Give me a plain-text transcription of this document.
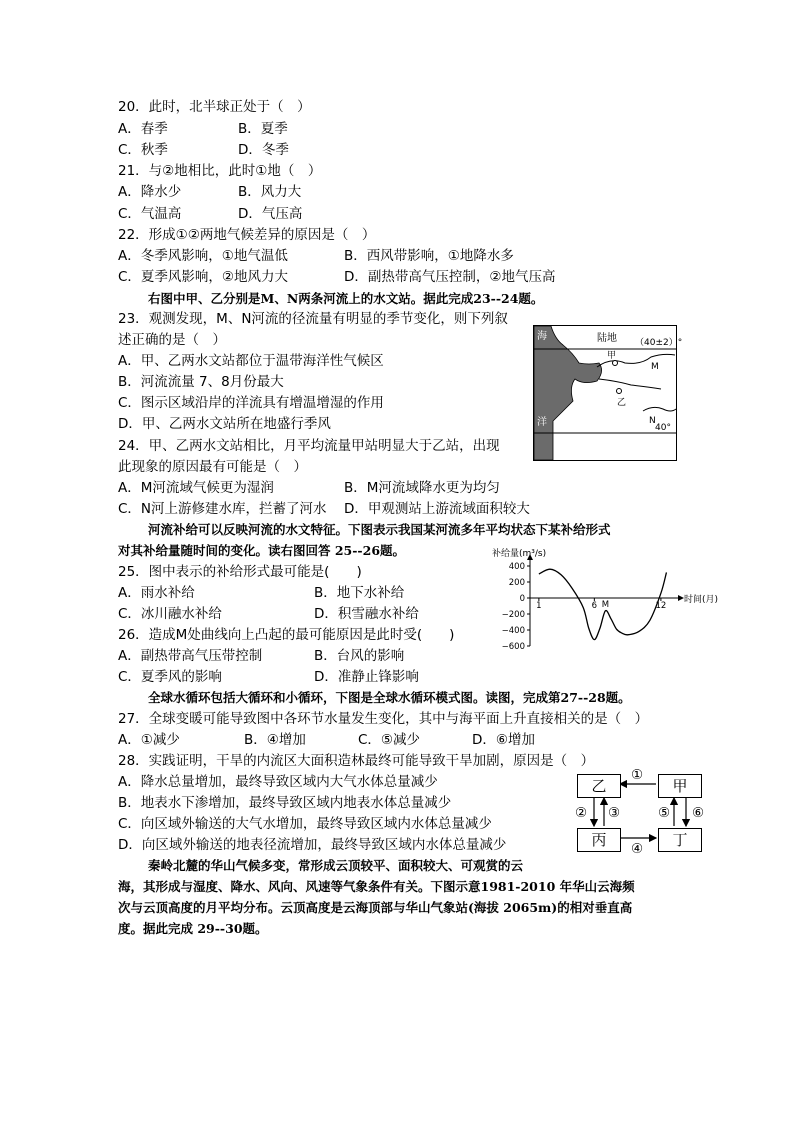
20．此时，北半球正处于（　）
A．春季	B．夏季
C．秋季	D．冬季
21．与②地相比，此时①地（　）
A．降水少	B．风力大
C．气温高	D．气压高
22．形成①②两地气候差异的原因是（　）
A．冬季风影响，①地气温低	B．西风带影响，①地降水多
C．夏季风影响，②地风力大	D．副热带高气压控制，②地气压高
右图中甲、乙分别是M、N两条河流上的水文站。据此完成23--24题。
23．观测发现，M、N河流的径流量有明显的季节变化，则下列叙
述正确的是（　）
A．甲、乙两水文站都位于温带海洋性气候区
B．河流流量 7、8月份最大
C．图示区域沿岸的洋流具有增温增湿的作用
D．甲、乙两水文站所在地盛行季风
24．甲、乙两水文站相比，月平均流量甲站明显大于乙站，出现
此现象的原因最有可能是（　）
A．M河流域气候更为湿润	B．M河流域降水更为均匀
C．N河上游修建水库，拦蓄了河水 D．甲观测站上游流域面积较大
海
洋
陆地 （40±2）°
40°
甲
乙
M
N
河流补给可以反映河流的水文特征。下图表示我国某河流多年平均状态下某补给形式
对其补给量随时间的变化。读右图回答 25--26题。
25．图中表示的补给形式最可能是(　　)
A．雨水补给	B．地下水补给
C．冰川融水补给	D．积雪融水补给
26．造成M处曲线向上凸起的最可能原因是此时受(　　)
A．副热带高气压带控制	B．台风的影响
C．夏季风的影响	D．准静止锋影响
400
200
0
−200
−400
−600
1	6	12
补给量(m³/s)
时间(月)
M
全球水循环包括大循环和小循环，下图是全球水循环模式图。读图，完成第27--28题。
27．全球变暖可能导致图中各环节水量发生变化，其中与海平面上升直接相关的是（　）
A．①减少	B．④增加	C．⑤减少	D．⑥增加
28．实践证明，干旱的内流区大面积造林最终可能导致干旱加剧，原因是（　）
A．降水总量增加，最终导致区域内大气水体总量减少
B．地表水下渗增加，最终导致区域内地表水体总量减少
C．向区域外输送的大气水增加，最终导致区域内水体总量减少
D．向区域外输送的地表径流增加，最终导致区域内水体总量减少
乙	甲
丙	丁
①
② ③
④
⑤ ⑥
秦岭北麓的华山气候多变，常形成云顶较平、面积较大、可观赏的云
海，其形成与湿度、降水、风向、风速等气象条件有关。下图示意1981-2010 年华山云海频
次与云顶高度的月平均分布。云顶高度是云海顶部与华山气象站(海拔 2065m)的相对垂直高
度。据此完成 29--30题。
